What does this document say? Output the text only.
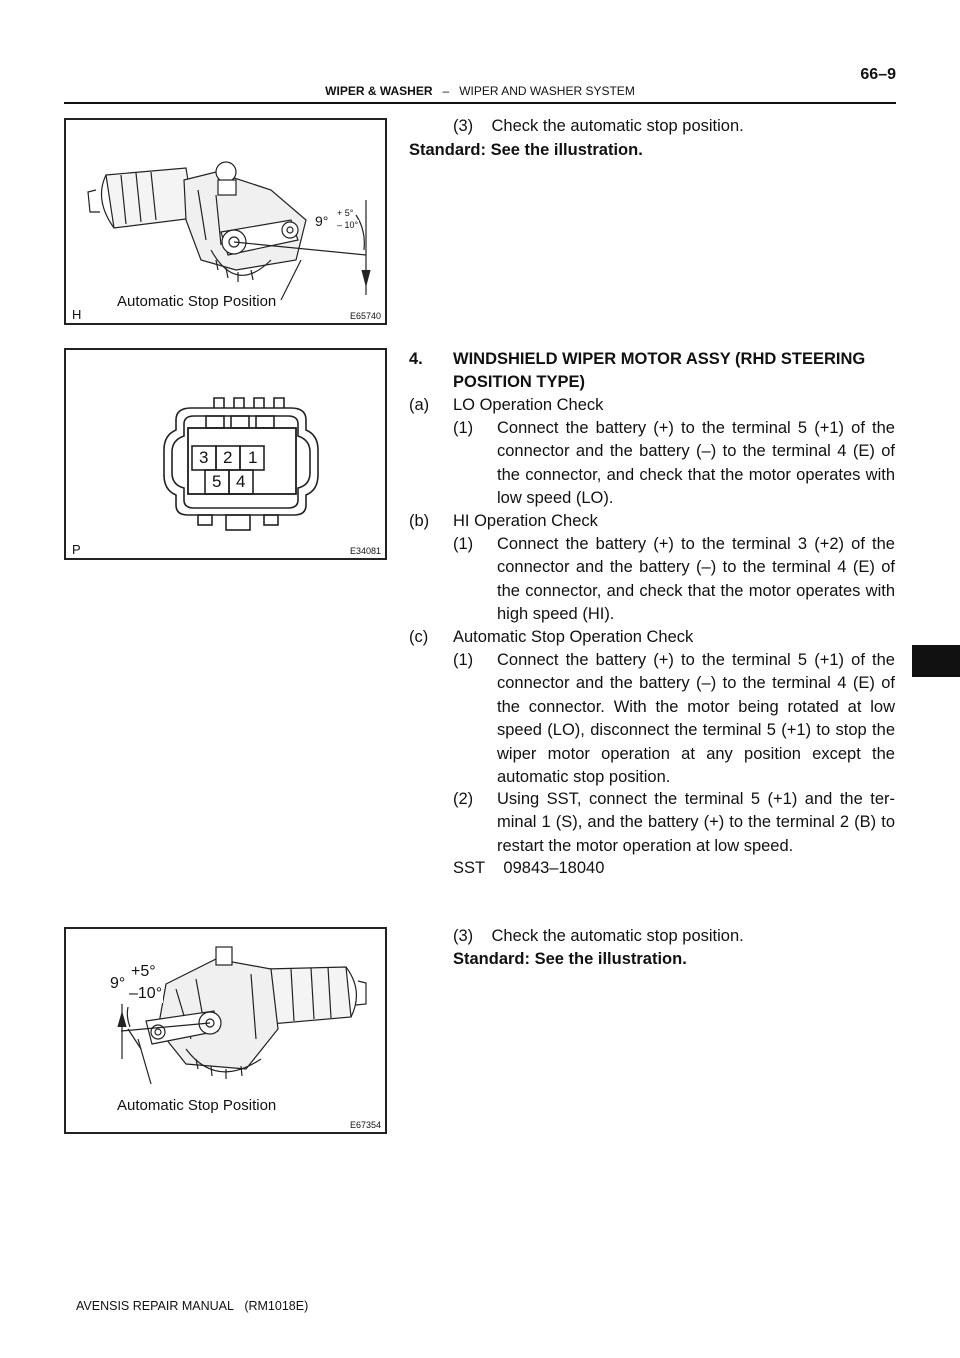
WIPER & WASHER – WIPER AND WASHER SYSTEM
66–9
9° + 5°
– 10°
Automatic Stop Position
H	E65740
3 2 1
5 4
P	E34081
9°
+5°
–10°
Automatic Stop Position
E67354
(3)    Check the automatic stop position.
Standard: See the illustration.
4. WINDSHIELD WIPER MOTOR ASSY (RHD STEERING
POSITION TYPE)
(a) LO Operation Check
(1) Connect the battery (+) to the terminal 5 (+1) of the connector and the battery (–) to the terminal 4 (E) of the connector, and check that the motor operates with low speed (LO).
(b) HI Operation Check
(1) Connect the battery (+) to the terminal 3 (+2) of the connector and the battery (–) to the terminal 4 (E) of the connector, and check that the motor operates with high speed (HI).
(c) Automatic Stop Operation Check
(1) Connect the battery (+) to the terminal 5 (+1) of the connector and the battery (–) to the terminal 4 (E) of the connector. With the motor being rotated at low speed (LO), disconnect the terminal 5 (+1) to stop the wiper motor operation at any position except the automatic stop position.
(2) Using SST, connect the terminal 5 (+1) and the ter-minal 1 (S), and the battery (+) to the terminal 2 (B) to restart the motor operation at low speed.
SST    09843–18040
(3)    Check the automatic stop position.
Standard: See the illustration.
AVENSIS REPAIR MANUAL   (RM1018E)
